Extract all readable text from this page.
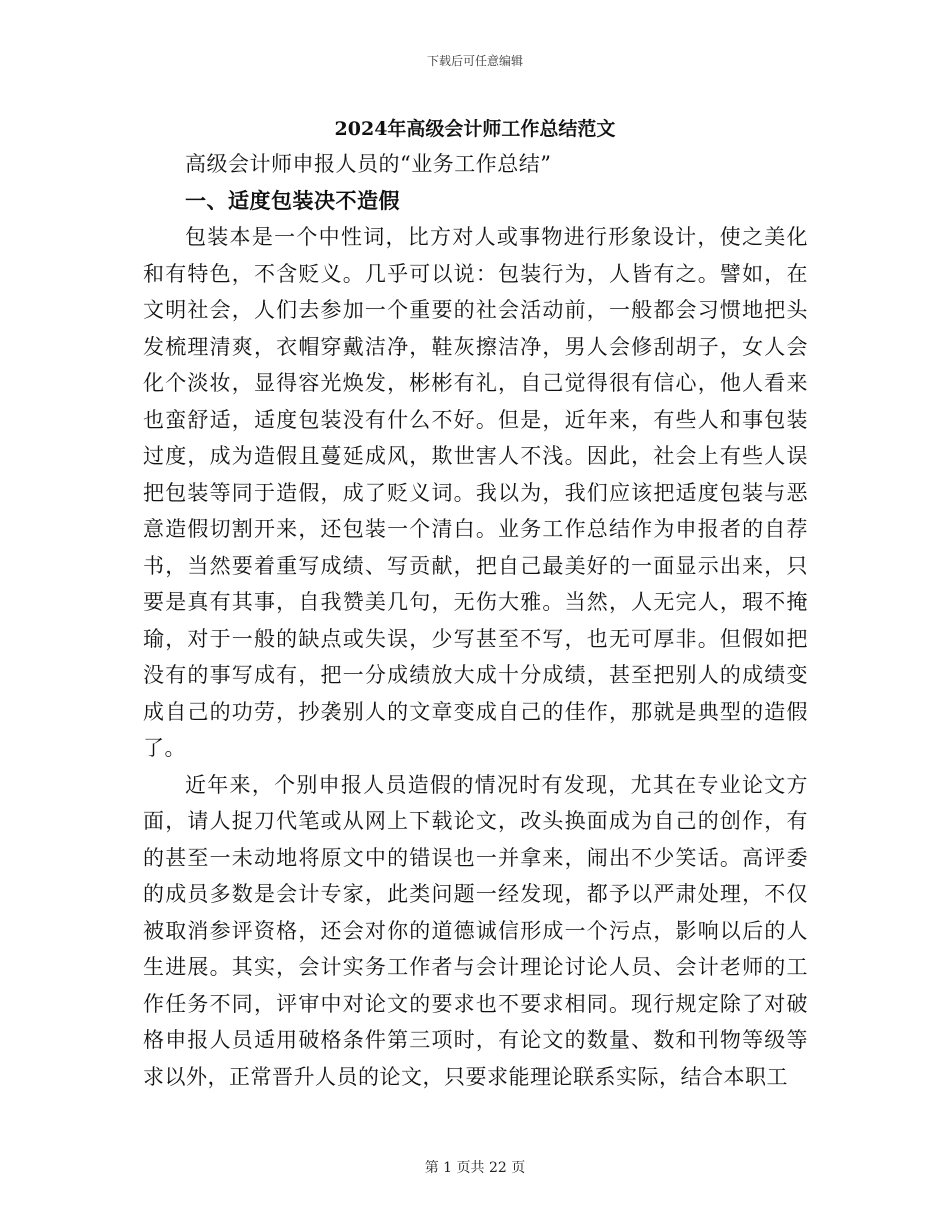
下载后可任意编辑
2024年高级会计师工作总结范文

高级会计师申报人员的“业务工作总结”

一、适度包装决不造假

包装本是一个中性词，比方对人或事物进行形象设计，使之美化和有特色，不含贬义。几乎可以说：包装行为，人皆有之。譬如，在文明社会，人们去参加一个重要的社会活动前，一般都会习惯地把头发梳理清爽，衣帽穿戴洁净，鞋灰擦洁净，男人会修刮胡子，女人会化个淡妆，显得容光焕发，彬彬有礼，自己觉得很有信心，他人看来也蛮舒适，适度包装没有什么不好。但是，近年来，有些人和事包装过度，成为造假且蔓延成风，欺世害人不浅。因此，社会上有些人误把包装等同于造假，成了贬义词。我以为，我们应该把适度包装与恶意造假切割开来，还包装一个清白。业务工作总结作为申报者的自荐书，当然要着重写成绩、写贡献，把自己最美好的一面显示出来，只要是真有其事，自我赞美几句，无伤大雅。当然，人无完人，瑕不掩瑜，对于一般的缺点或失误，少写甚至不写，也无可厚非。但假如把没有的事写成有，把一分成绩放大成十分成绩，甚至把别人的成绩变成自己的功劳，抄袭别人的文章变成自己的佳作，那就是典型的造假了。

近年来，个别申报人员造假的情况时有发现，尤其在专业论文方面，请人捉刀代笔或从网上下载论文，改头换面成为自己的创作，有的甚至一未动地将原文中的错误也一并拿来，闹出不少笑话。高评委的成员多数是会计专家，此类问题一经发现，都予以严肃处理，不仅被取消参评资格，还会对你的道德诚信形成一个污点，影响以后的人生进展。其实，会计实务工作者与会计理论讨论人员、会计老师的工作任务不同，评审中对论文的要求也不要求相同。现行规定除了对破格申报人员适用破格条件第三项时，有论文的数量、数和刊物等级等求以外，正常晋升人员的论文，只要求能理论联系实际，结合本职工

第 1 页共 22 页
